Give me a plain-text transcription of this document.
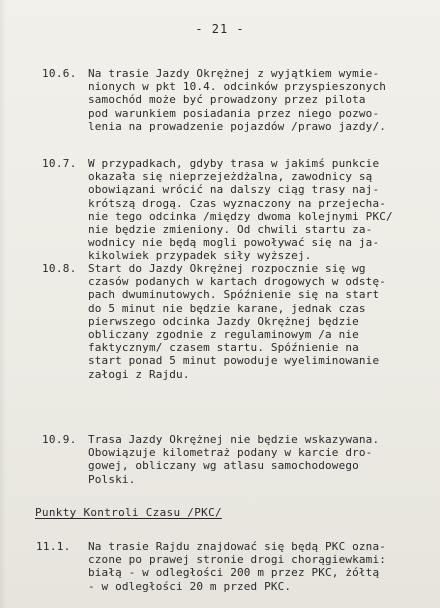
- 21 -
10.6. Na trasie Jazdy Okrężnej z wyjątkiem wymie-
nionych w pkt 10.4. odcinków przyspieszonych
samochód może być prowadzony przez pilota
pod warunkiem posiadania przez niego pozwo-
lenia na prowadzenie pojazdów /prawo jazdy/.
10.7. W przypadkach, gdyby trasa w jakimś punkcie
okazała się nieprzejeżdżalna, zawodnicy są
obowiązani wrócić na dalszy ciąg trasy naj-
krótszą drogą. Czas wyznaczony na przejecha-
nie tego odcinka /między dwoma kolejnymi PKC/
nie będzie zmieniony. Od chwili startu za-
wodnicy nie będą mogli powoływać się na ja-
kikolwiek przypadek siły wyższej.
10.8. Start do Jazdy Okrężnej rozpocznie się wg
czasów podanych w kartach drogowych w odstę-
pach dwuminutowych. Spóźnienie się na start
do 5 minut nie będzie karane, jednak czas
pierwszego odcinka Jazdy Okrężnej będzie
obliczany zgodnie z regulaminowym /a nie
faktycznym/ czasem startu. Spóźnienie na
start ponad 5 minut powoduje wyeliminowanie
załogi z Rajdu.
10.9. Trasa Jazdy Okrężnej nie będzie wskazywana.
Obowiązuje kilometraż podany w karcie dro-
gowej, obliczany wg atlasu samochodowego
Polski.
Punkty Kontroli Czasu /PKC/
11.1. Na trasie Rajdu znajdować się będą PKC ozna-
czone po prawej stronie drogi chorągiewkami:
białą - w odległości 200 m przez PKC, żółtą
- w odległości 20 m przed PKC.
